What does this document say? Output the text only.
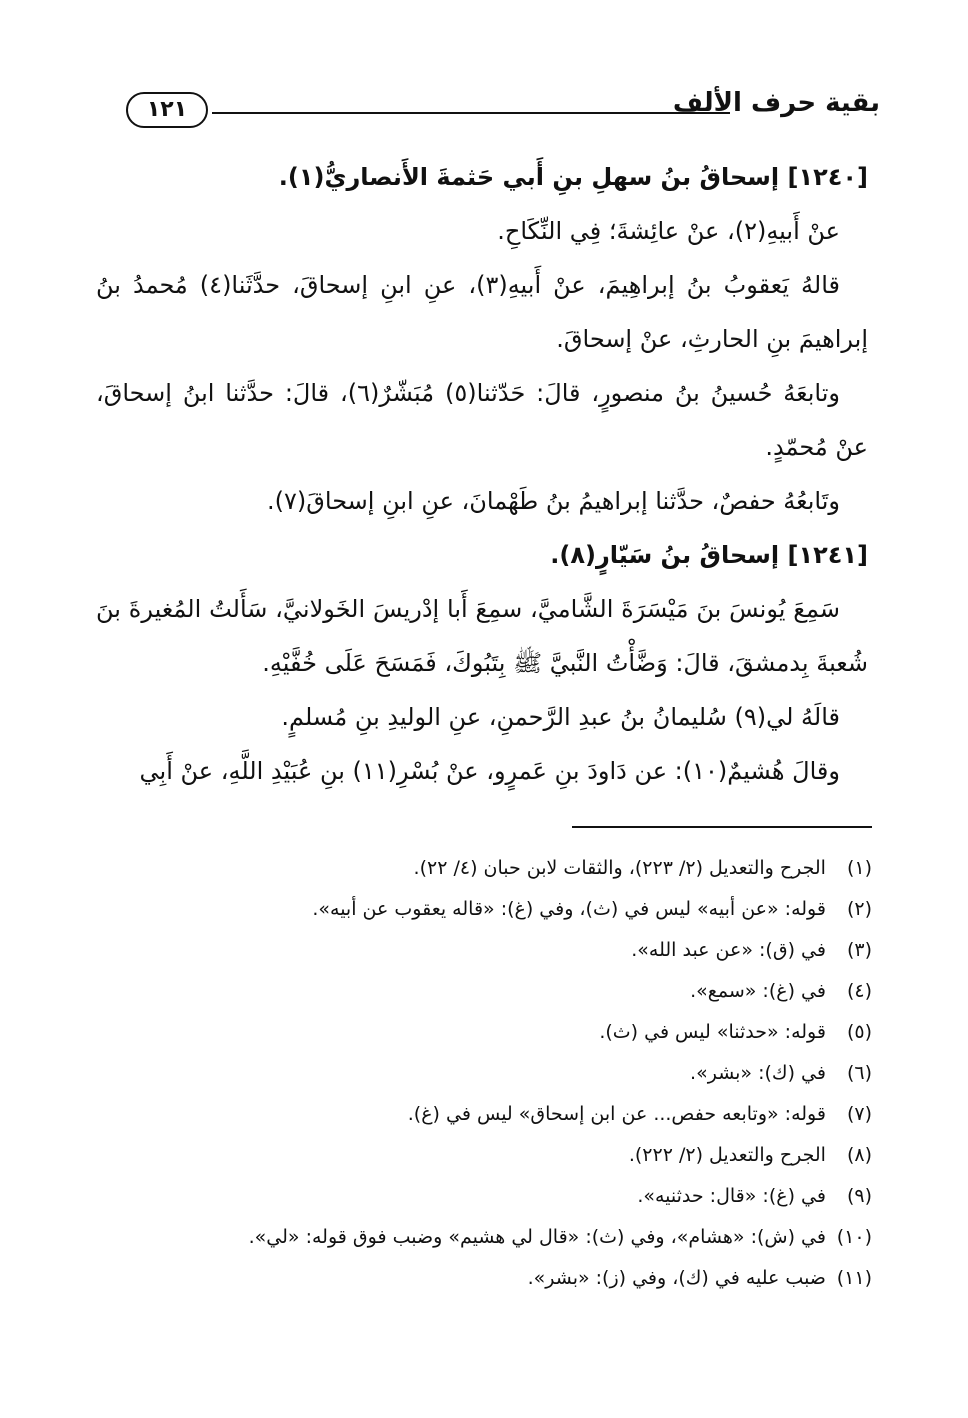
بقية حرف الألف
١٢١

[١٢٤٠] إسحاقُ بنُ سهلِ بنِ أَبي حَثمةَ الأَنصاريُّ(١).

عنْ أَبيهِ(٢)، عنْ عائِشةَ؛ فِي النِّكَاحِ.

قالهُ يَعقوبُ بنُ إبراهِيمَ، عنْ أَبيهِ(٣)، عنِ ابنِ إسحاقَ، حدَّثَنا(٤) مُحمدُ بنُ إبراهيمَ بنِ الحارثِ، عنْ إسحاقَ.

وتابعَهُ حُسينُ بنُ منصورٍ، قالَ: حَدّثنا(٥) مُبَشّرٌ(٦)، قالَ: حدَّثنا ابنُ إسحاقَ، عنْ مُحمّدٍ.

وتَابعُهُ حفصٌ، حدَّثنا إبراهيمُ بنُ طَهْمانَ، عنِ ابنِ إسحاقَ(٧).

[١٢٤١] إسحاقُ بنُ سَيّارٍ(٨).

سَمِعَ يُونسَ بنَ مَيْسَرَةَ الشَّاميَّ، سمِعَ أَبا إدْريسَ الخَولانيَّ، سَأَلتُ المُغيرةَ بنَ شُعبةَ بِدمشقَ، قالَ: وَضَّأْتُ النَّبيَّ ﷺ بِتَبُوكَ، فَمَسَحَ عَلَى خُفَّيْهِ.

قالَهُ لي(٩) سُليمانُ بنُ عبدِ الرَّحمنِ، عنِ الوليدِ بنِ مُسلمٍ.

وقالَ هُشيمٌ(١٠): عن دَاودَ بنِ عَمرٍو، عنْ بُسْرِ(١١) بنِ عُبَيْدِ اللَّهِ، عنْ أَبِي

(١) الجرح والتعديل (٢/ ٢٢٣)، والثقات لابن حبان (٤/ ٢٢).
(٢) قوله: «عن أبيه» ليس في (ث)، وفي (غ): «قاله يعقوب عن أبيه».
(٣) في (ق): «عن عبد الله».
(٤) في (غ): «سمع».
(٥) قوله: «حدثنا» ليس في (ث).
(٦) في (ك): «بشر».
(٧) قوله: «وتابعه حفص... عن ابن إسحاق» ليس في (غ).
(٨) الجرح والتعديل (٢/ ٢٢٢).
(٩) في (غ): «قال: حدثنيه».
(١٠) في (ش): «هشام»، وفي (ث): «قال لي هشيم» وضبب فوق قوله: «لي».
(١١) ضبب عليه في (ك)، وفي (ز): «بشر».
